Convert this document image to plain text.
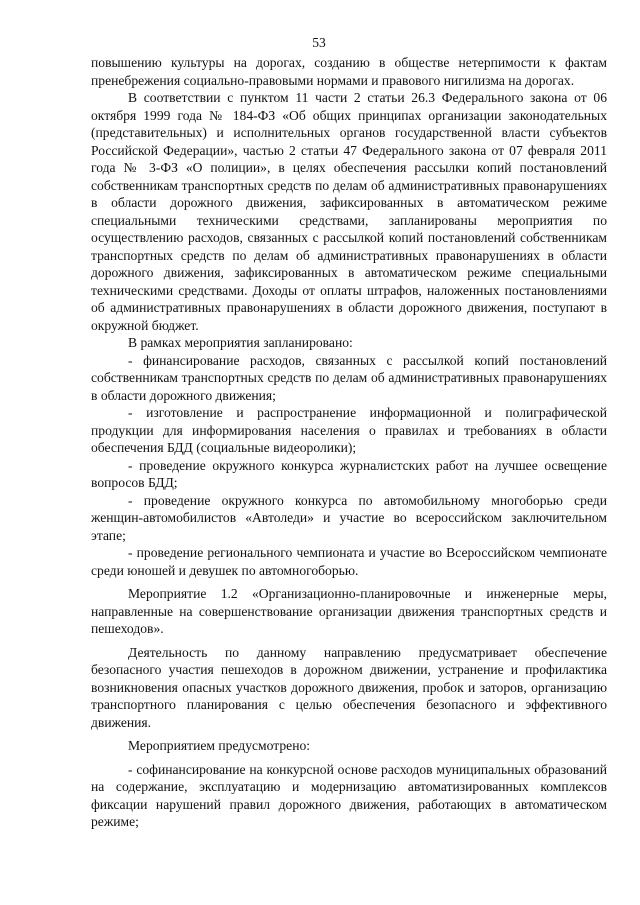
53

повышению культуры на дорогах, созданию в обществе нетерпимости к фактам пренебрежения социально-правовыми нормами и правового нигилизма на дорогах.

В соответствии с пунктом 11 части 2 статьи 26.3 Федерального закона от 06 октября 1999 года № 184-ФЗ «Об общих принципах организации законодательных (представительных) и исполнительных органов государственной власти субъектов Российской Федерации», частью 2 статьи 47 Федерального закона от 07 февраля 2011 года № 3-ФЗ «О полиции», в целях обеспечения рассылки копий постановлений собственникам транспортных средств по делам об административных правонарушениях в области дорожного движения, зафиксированных в автоматическом режиме специальными техническими средствами, запланированы мероприятия по осуществлению расходов, связанных с рассылкой копий постановлений собственникам транспортных средств по делам об административных правонарушениях в области дорожного движения, зафиксированных в автоматическом режиме специальными техническими средствами. Доходы от оплаты штрафов, наложенных постановлениями об административных правонарушениях в области дорожного движения, поступают в окружной бюджет.

В рамках мероприятия запланировано:

- финансирование расходов, связанных с рассылкой копий постановлений собственникам транспортных средств по делам об административных правонарушениях в области дорожного движения;

- изготовление и распространение информационной и полиграфической продукции для информирования населения о правилах и требованиях в области обеспечения БДД (социальные видеоролики);

- проведение окружного конкурса журналистских работ на лучшее освещение вопросов БДД;

- проведение окружного конкурса по автомобильному многоборью среди женщин-автомобилистов «Автоледи» и участие во всероссийском заключительном этапе;

- проведение регионального чемпионата и участие во Всероссийском чемпионате среди юношей и девушек по автомногоборью.

Мероприятие 1.2 «Организационно-планировочные и инженерные меры, направленные на совершенствование организации движения транспортных средств и пешеходов».

Деятельность по данному направлению предусматривает обеспечение безопасного участия пешеходов в дорожном движении, устранение и профилактика возникновения опасных участков дорожного движения, пробок и заторов, организацию транспортного планирования с целью обеспечения безопасного и эффективного движения.

Мероприятием предусмотрено:

- софинансирование на конкурсной основе расходов муниципальных образований на содержание, эксплуатацию и модернизацию автоматизированных комплексов фиксации нарушений правил дорожного движения, работающих в автоматическом режиме;
